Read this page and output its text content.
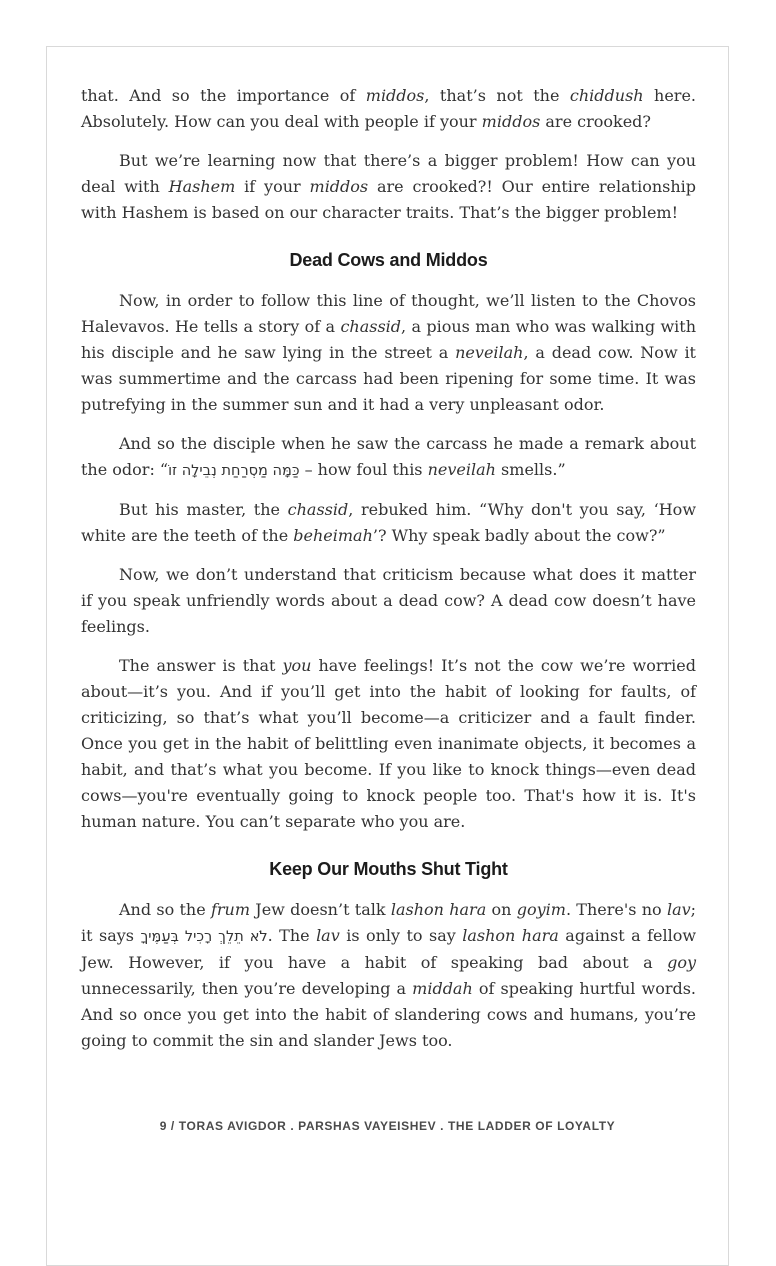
that. And so the importance of middos, that’s not the chiddush here. Absolutely. How can you deal with people if your middos are crooked?

But we’re learning now that there’s a bigger problem! How can you deal with Hashem if your middos are crooked?! Our entire relationship with Hashem is based on our character traits. That’s the bigger problem!

Dead Cows and Middos

Now, in order to follow this line of thought, we’ll listen to the Chovos Halevavos. He tells a story of a chassid, a pious man who was walking with his disciple and he saw lying in the street a neveilah, a dead cow. Now it was summertime and the carcass had been ripening for some time. It was putrefying in the summer sun and it had a very unpleasant odor.

And so the disciple when he saw the carcass he made a remark about the odor: “כַּמָּה מַסְרַחַת נְבֵילָה זוֹ – how foul this neveilah smells.”

But his master, the chassid, rebuked him. “Why don't you say, ‘How white are the teeth of the beheimah’? Why speak badly about the cow?”

Now, we don’t understand that criticism because what does it matter if you speak unfriendly words about a dead cow? A dead cow doesn’t have feelings.

The answer is that you have feelings! It’s not the cow we’re worried about—it’s you. And if you’ll get into the habit of looking for faults, of criticizing, so that’s what you’ll become—a criticizer and a fault finder. Once you get in the habit of belittling even inanimate objects, it becomes a habit, and that’s what you become. If you like to knock things—even dead cows—you're eventually going to knock people too. That's how it is. It's human nature. You can’t separate who you are.

Keep Our Mouths Shut Tight

And so the frum Jew doesn’t talk lashon hara on goyim. There's no lav; it says לֹא תֵלֵךְ רָכִיל בְּעַמֶּיךָ. The lav is only to say lashon hara against a fellow Jew. However, if you have a habit of speaking bad about a goy unnecessarily, then you’re developing a middah of speaking hurtful words. And so once you get into the habit of slandering cows and humans, you’re going to commit the sin and slander Jews too.

9 / TORAS AVIGDOR . PARSHAS VAYEISHEV . THE LADDER OF LOYALTY
